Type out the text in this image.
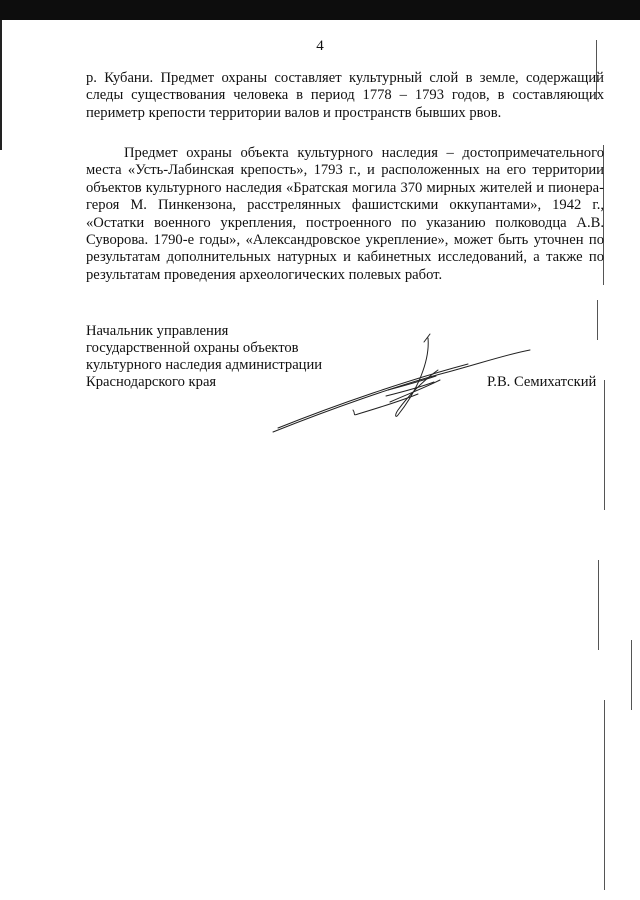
4

р. Кубани. Предмет охраны составляет культурный слой в земле, содержащий следы существования человека в период 1778 – 1793 годов, в составляющих периметр крепости территории валов и пространств бывших рвов.

Предмет охраны объекта культурного наследия – достопримечательного места «Усть-Лабинская крепость», 1793 г., и расположенных на его территории объектов культурного наследия «Братская могила 370 мирных жителей и пионера-героя М. Пинкензона, расстрелянных фашистскими оккупантами», 1942 г., «Остатки военного укрепления, построенного по указанию полководца А.В. Суворова. 1790-е годы», «Александровское укрепление», может быть уточнен по результатам дополнительных натурных и кабинетных исследований, а также по результатам проведения археологических полевых работ.

Начальник управления
государственной охраны объектов
культурного наследия администрации
Краснодарского края	Р.В. Семихатский
